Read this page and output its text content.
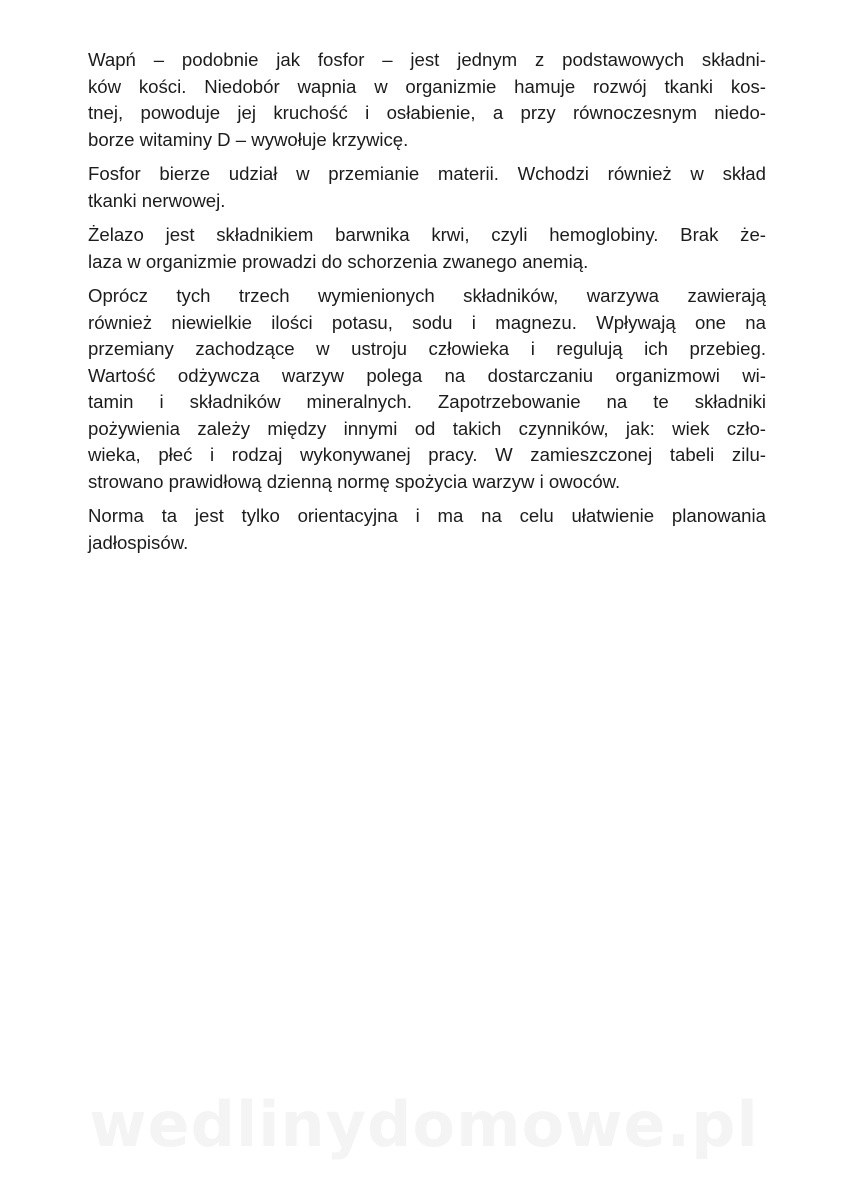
Wapń – podobnie jak fosfor – jest jednym z podstawowych składni-
ków kości. Niedobór wapnia w organizmie hamuje rozwój tkanki kos-
tnej, powoduje jej kruchość i osłabienie, a przy równoczesnym niedo-
borze witaminy D – wywołuje krzywicę.

Fosfor bierze udział w przemianie materii. Wchodzi również w skład
tkanki nerwowej.

Żelazo jest składnikiem barwnika krwi, czyli hemoglobiny. Brak że-
laza w organizmie prowadzi do schorzenia zwanego anemią.

Oprócz tych trzech wymienionych składników, warzywa zawierają
również niewielkie ilości potasu, sodu i magnezu. Wpływają one na
przemiany zachodzące w ustroju człowieka i regulują ich przebieg.
Wartość odżywcza warzyw polega na dostarczaniu organizmowi wi-
tamin i składników mineralnych. Zapotrzebowanie na te składniki
pożywienia zależy między innymi od takich czynników, jak: wiek czło-
wieka, płeć i rodzaj wykonywanej pracy. W zamieszczonej tabeli zilu-
strowano prawidłową dzienną normę spożycia warzyw i owoców.

Norma ta jest tylko orientacyjna i ma na celu ułatwienie planowania
jadłospisów.

wedlinydomowe.pl
